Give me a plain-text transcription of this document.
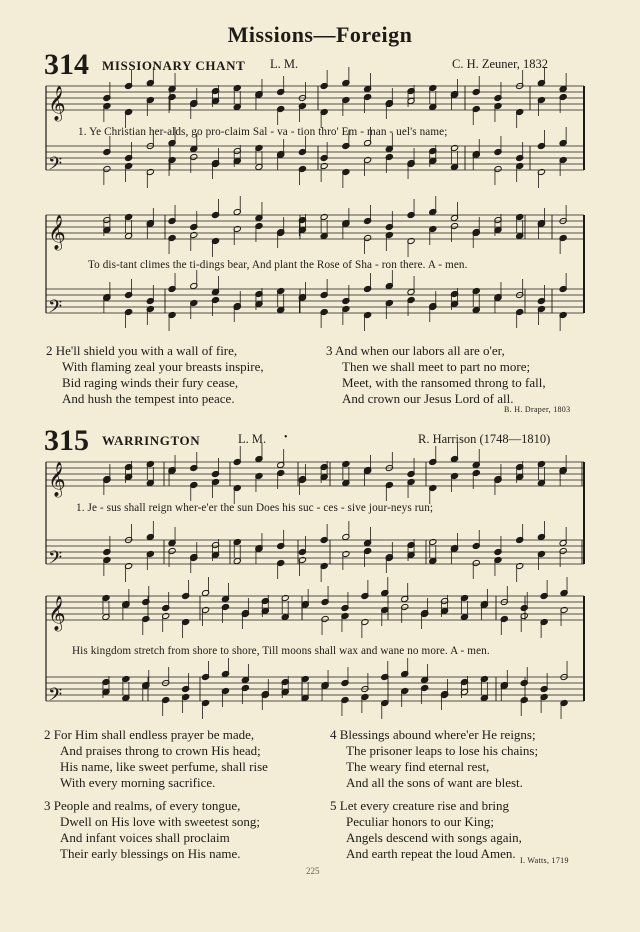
Missions—Foreign
314 MISSIONARY CHANT L. M.	C. H. Zeuner, 1832
1. Ye Christian her-alds, go pro-claim Sal - va - tion thro' Em - man - uel's name;
To dis-tant climes the ti-dings bear, And plant the Rose of Sha - ron there. A - men.
2 He'll shield you with a wall of fire,
With flaming zeal your breasts inspire,
Bid raging winds their fury cease,
And hush the tempest into peace.
3 And when our labors all are o'er,
Then we shall meet to part no more;
Meet, with the ransomed throng to fall,
And crown our Jesus Lord of all.
B. H. Draper, 1803
315 WARRINGTON	L. M. •	R. Harrison (1748—1810)
1. Je - sus shall reign wher-e'er the sun Does his suc - ces - sive jour-neys run;
His kingdom stretch from shore to shore, Till moons shall wax and wane no more. A - men.
2 For Him shall endless prayer be made,
And praises throng to crown His head;
His name, like sweet perfume, shall rise
With every morning sacrifice.
3 People and realms, of every tongue,
Dwell on His love with sweetest song;
And infant voices shall proclaim
Their early blessings on His name.
4 Blessings abound where'er He reigns;
The prisoner leaps to lose his chains;
The weary find eternal rest,
And all the sons of want are blest.
5 Let every creature rise and bring
Peculiar honors to our King;
Angels descend with songs again,
And earth repeat the loud Amen. I. Watts, 1719
225
𝄞
𝄢
𝄞
𝄢
𝄞
𝄢
𝄞
𝄢
